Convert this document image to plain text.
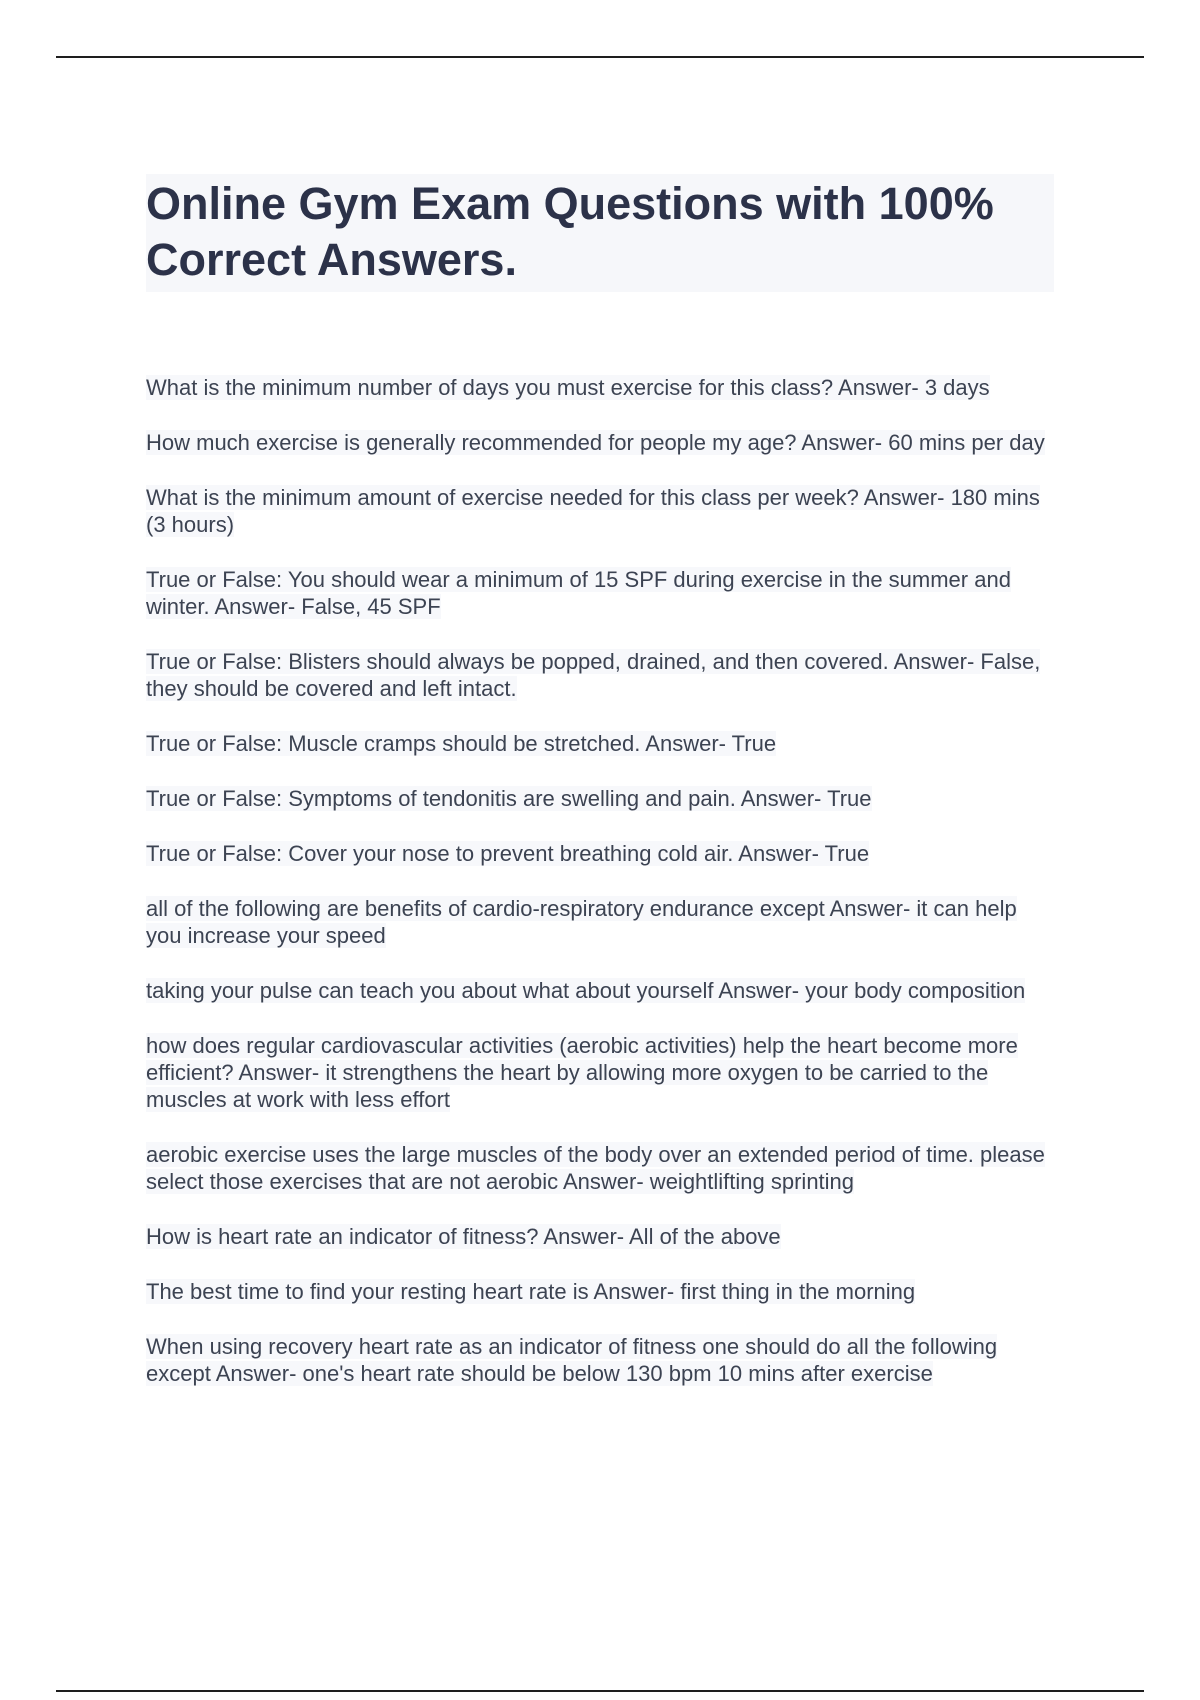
Online Gym Exam Questions with 100% Correct Answers.

What is the minimum number of days you must exercise for this class? Answer- 3 days

How much exercise is generally recommended for people my age? Answer- 60 mins per day

What is the minimum amount of exercise needed for this class per week? Answer- 180 mins (3 hours)

True or False: You should wear a minimum of 15 SPF during exercise in the summer and winter. Answer- False, 45 SPF

True or False: Blisters should always be popped, drained, and then covered. Answer- False, they should be covered and left intact.

True or False: Muscle cramps should be stretched. Answer- True

True or False: Symptoms of tendonitis are swelling and pain. Answer- True

True or False: Cover your nose to prevent breathing cold air. Answer- True

all of the following are benefits of cardio-respiratory endurance except Answer- it can help you increase your speed

taking your pulse can teach you about what about yourself Answer- your body composition

how does regular cardiovascular activities (aerobic activities) help the heart become more efficient? Answer- it strengthens the heart by allowing more oxygen to be carried to the muscles at work with less effort

aerobic exercise uses the large muscles of the body over an extended period of time. please select those exercises that are not aerobic Answer- weightlifting sprinting

How is heart rate an indicator of fitness? Answer- All of the above

The best time to find your resting heart rate is Answer- first thing in the morning

When using recovery heart rate as an indicator of fitness one should do all the following except Answer- one's heart rate should be below 130 bpm 10 mins after exercise
